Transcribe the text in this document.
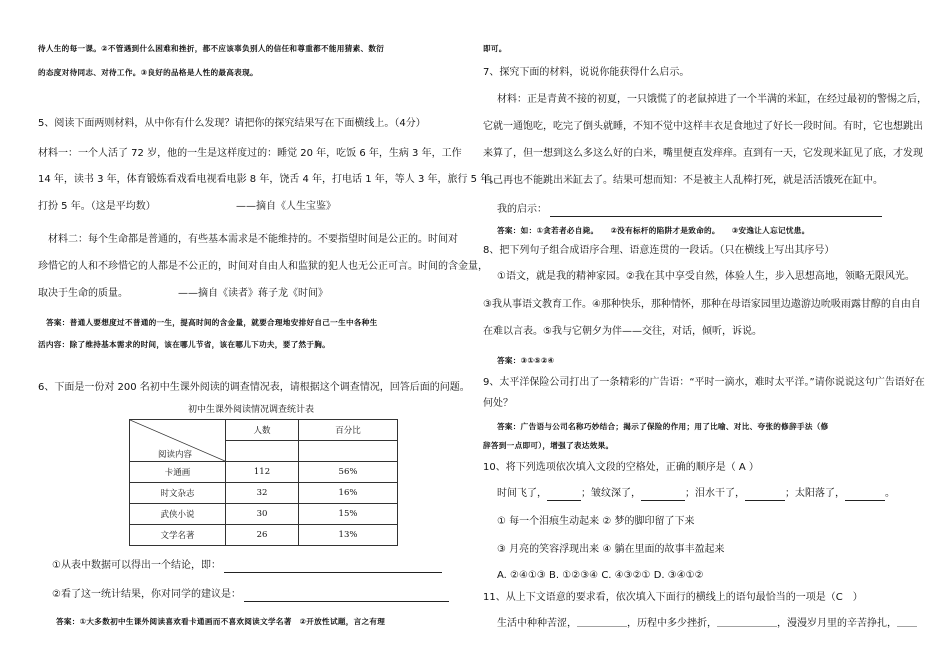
待人生的每一课。②不管遇到什么困难和挫折，都不应该辜负别人的信任和尊重都不能用猜素、数衍
的态度对待同志、对待工作。③良好的品格是人性的最高表现。
5、阅读下面两则材料，从中你有什么发现？请把你的探究结果写在下面横线上。（4分）
材料一：一个人活了 72 岁，他的一生是这样度过的：睡觉 20 年，吃饭 6 年，生病 3 年，工作
14 年，读书 3 年，体育锻炼看戏看电视看电影 8 年，饶舌 4 年，打电话 1 年，等人 3 年，旅行 5 年，
打扮 5 年。（这是平均数）	——摘自《人生宝鉴》
材料二：每个生命都是普通的，有些基本需求是不能维持的。不要指望时间是公正的。时间对
珍惜它的人和不珍惜它的人都是不公正的，时间对自由人和监狱的犯人也无公正可言。时间的含金量，
取决于生命的质量。	——摘自《读者》蒋子龙《时间》
答案：普通人要想度过不普通的一生，提高时间的含金量，就要合理地安排好自己一生中各种生
活内容：除了维持基本需求的时间，该在哪儿节省，该在哪儿下功夫，要了然于胸。
6、下面是一份对 200 名初中生课外阅读的调查情况表，请根据这个调查情况，回答后面的问题。
初中生课外阅读情况调查统计表
阅读内容	人数	百分比

卡通画	112	56%
时文杂志	32	16%
武侠小说	30	15%
文学名著	26	13%
①从表中数据可以得出一个结论，即：
②看了这一统计结果，你对同学的建议是：
答案：①大多数初中生课外阅读喜欢看卡通画而不喜欢阅读文学名著　②开放性试题，言之有理
即可。
7、探究下面的材料，说说你能获得什么启示。
材料：正是青黄不接的初夏，一只饿慌了的老鼠掉进了一个半满的米缸，在经过最初的警惕之后，
它就一通饱吃，吃完了倒头就睡，不知不觉中这样丰衣足食地过了好长一段时间。有时，它也想跳出
来算了，但一想到这么多这么好的白米，嘴里便直发痒痒。直到有一天，它发现米缸见了底，才发现
自己再也不能跳出米缸去了。结果可想而知：不是被主人乱棒打死，就是活活饿死在缸中。
我的启示：
答案：如：①贪若者必自毙。　　②没有标杆的陷阱才是致命的。　　③安逸让人忘记忧患。
8、把下列句子组合成语序合理、语意连贯的一段话。（只在横线上写出其序号）
①语文，就是我的精神家园。②我在其中享受自然，体验人生，步入思想高地，领略无限风光。
③我从事语文教育工作。④那种快乐，那种情怀，那种在母语家园里边遨游边吮吸雨露甘醇的自由自
在难以言表。⑤我与它朝夕为伴——交往，对话，倾听，诉说。
答案：③①⑤②④
9、太平洋保险公司打出了一条精彩的广告语：“平时一滴水，难时太平洋。”请你说说这句广告语好在
何处？
答案：广告语与公司名称巧妙结合；揭示了保险的作用；用了比喻、对比、夸张的修辞手法（修
辞答到一点即可），增强了表达效果。
10、将下列选项依次填入文段的空格处，正确的顺序是（ A ）
时间飞了，	；皱纹深了，	；泪水干了，	；太阳落了，	。
① 每一个泪痕生动起来 ② 梦的脚印留了下来
③ 月亮的笑容浮现出来 ④ 躺在里面的故事丰盈起来
A. ②④①③ B. ①②③④ C. ④③②① D. ③④①②
11、从上下文语意的要求看，依次填入下面行的横线上的语句最恰当的一项是（C　）
生活中种种苦涩，＿＿＿＿＿，历程中多少挫折，＿＿＿＿＿＿，漫漫岁月里的辛苦挣扎，＿＿
